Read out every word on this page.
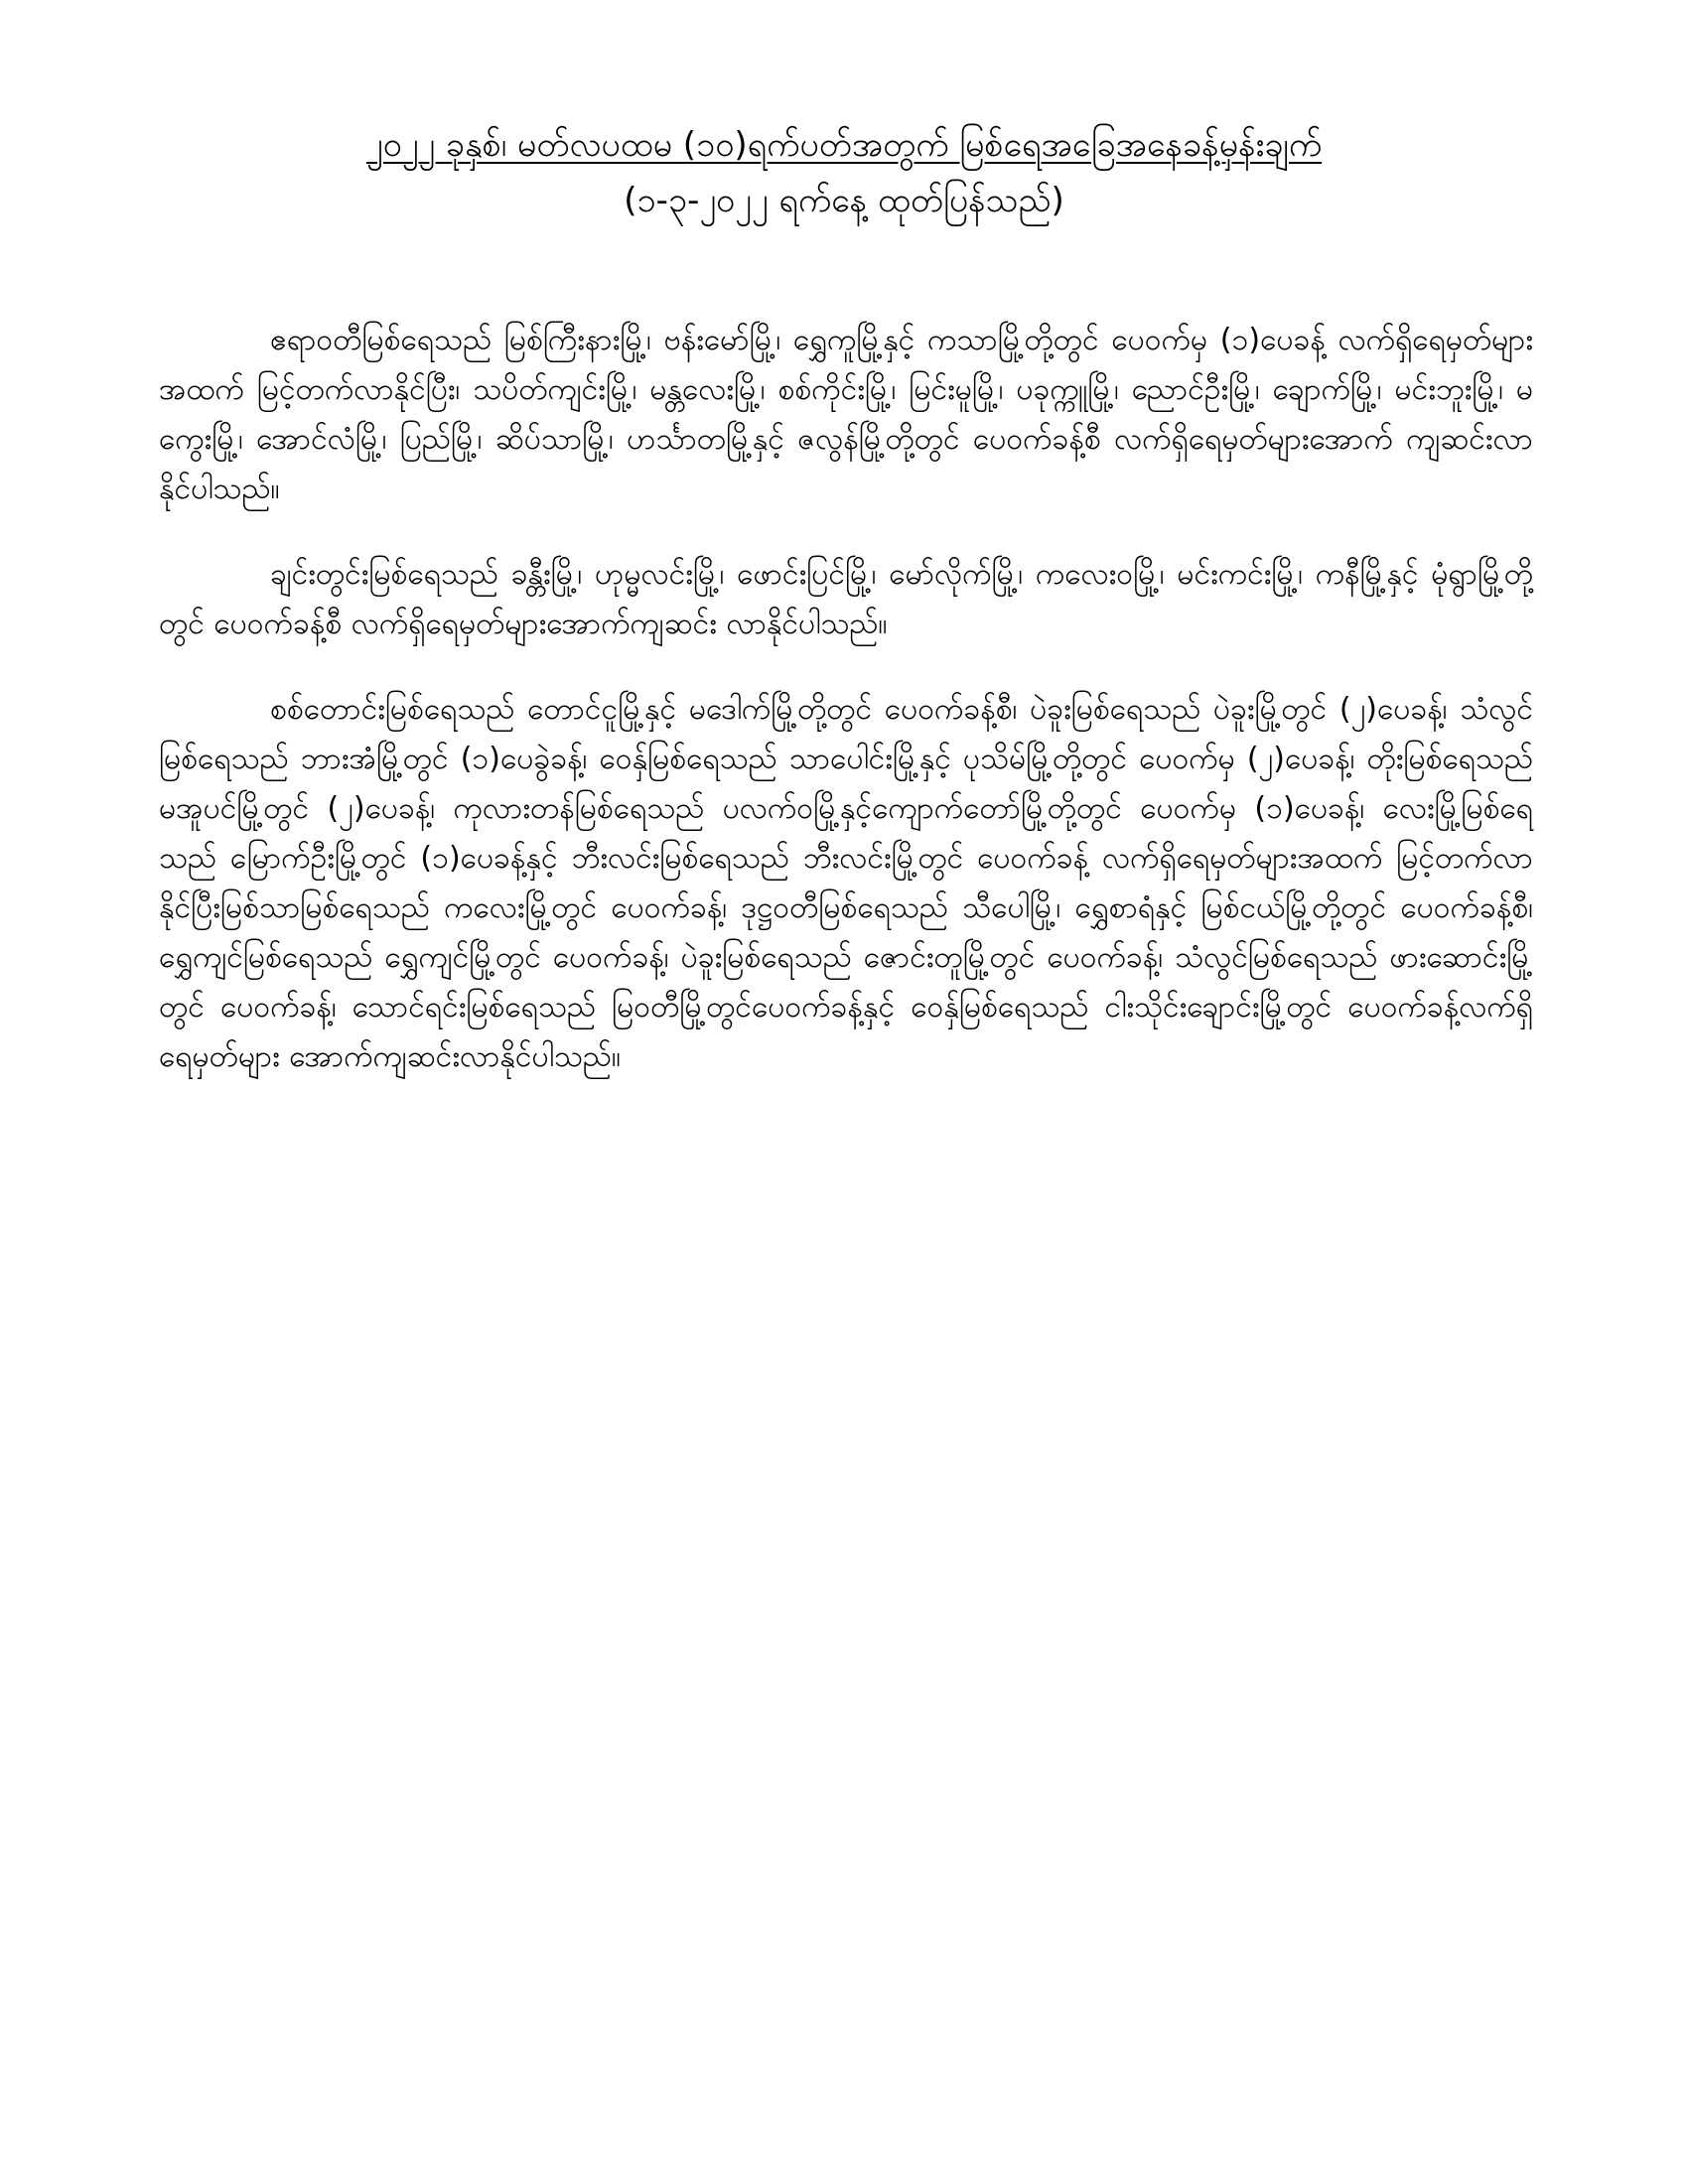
၂၀၂၂ ခုနှစ်၊ မတ်လပထမ (၁၀)ရက်ပတ်အတွက် မြစ်ရေအခြေအနေခန့်မှန်းချက်

(၁-၃-၂၀၂၂ ရက်နေ့ ထုတ်ပြန်သည်)

ဧရာဝတီမြစ်ရေသည် မြစ်ကြီးနားမြို့၊ ဗန်းမော်မြို့၊ ရွှေကူမြို့နှင့် ကသာမြို့တို့တွင် ပေဝက်မှ (၁)ပေခန့် လက်ရှိရေမှတ်များအထက် မြင့်တက်လာနိုင်ပြီး၊ သပိတ်ကျင်းမြို့၊ မန္တလေးမြို့၊ စစ်ကိုင်းမြို့၊ မြင်းမူမြို့၊ ပခုက္ကူမြို့၊ ညောင်ဦးမြို့၊ ချောက်မြို့၊ မင်းဘူးမြို့၊ မကွေးမြို့၊ အောင်လံမြို့၊ ပြည်မြို့၊ ဆိပ်သာမြို့၊ ဟင်္သာတမြို့နှင့် ဇလွန်မြို့တို့တွင် ပေဝက်ခန့်စီ လက်ရှိရေမှတ်များအောက် ကျဆင်းလာနိုင်ပါသည်။

ချင်းတွင်းမြစ်ရေသည် ခန္တီးမြို့၊ ဟုမ္မလင်းမြို့၊ ဖောင်းပြင်မြို့၊ မော်လိုက်မြို့၊ ကလေးဝမြို့၊ မင်းကင်းမြို့၊ ကနီမြို့နှင့် မုံရွာမြို့တို့တွင် ပေဝက်ခန့်စီ လက်ရှိရေမှတ်များအောက်ကျဆင်း လာနိုင်ပါသည်။

စစ်တောင်းမြစ်ရေသည် တောင်ငူမြို့နှင့် မဒေါက်မြို့တို့တွင် ပေဝက်ခန့်စီ၊ ပဲခူးမြစ်ရေသည် ပဲခူးမြို့တွင် (၂)ပေခန့်၊ သံလွင်မြစ်ရေသည် ဘားအံမြို့တွင် (၁)ပေခွဲခန့်၊ ဝေနှ်မြစ်ရေသည် သာပေါင်းမြို့နှင့် ပုသိမ်မြို့တို့တွင် ပေဝက်မှ (၂)ပေခန့်၊ တိုးမြစ်ရေသည် မအူပင်မြို့တွင် (၂)ပေခန့်၊ ကုလားတန်မြစ်ရေသည် ပလက်ဝမြို့နှင့်ကျောက်တော်မြို့တို့တွင် ပေဝက်မှ (၁)ပေခန့်၊ လေးမြို့မြစ်ရေသည် မြောက်ဦးမြို့တွင် (၁)ပေခန့်နှင့် ဘီးလင်းမြစ်ရေသည် ဘီးလင်းမြို့တွင် ပေဝက်ခန့် လက်ရှိရေမှတ်များအထက် မြင့်တက်လာနိုင်ပြီးမြစ်သာမြစ်ရေသည် ကလေးမြို့တွင် ပေဝက်ခန့်၊ ဒုဋ္ဌဝတီမြစ်ရေသည် သီပေါမြို့၊ ရွှေစာရံနှင့် မြစ်ငယ်မြို့တို့တွင် ပေဝက်ခန့်စီ၊ ရွှေကျင်မြစ်ရေသည် ရွှေကျင်မြို့တွင် ပေဝက်ခန့်၊ ပဲခူးမြစ်ရေသည် ဇောင်းတူမြို့တွင် ပေဝက်ခန့်၊ သံလွင်မြစ်ရေသည် ဖားဆောင်းမြို့တွင် ပေဝက်ခန့်၊ သောင်ရင်းမြစ်ရေသည် မြဝတီမြို့တွင်ပေဝက်ခန့်နှင့် ဝေနှ်မြစ်ရေသည် ငါးသိုင်းချောင်းမြို့တွင် ပေဝက်ခန့်လက်ရှိရေမှတ်များ အောက်ကျဆင်းလာနိုင်ပါသည်။
